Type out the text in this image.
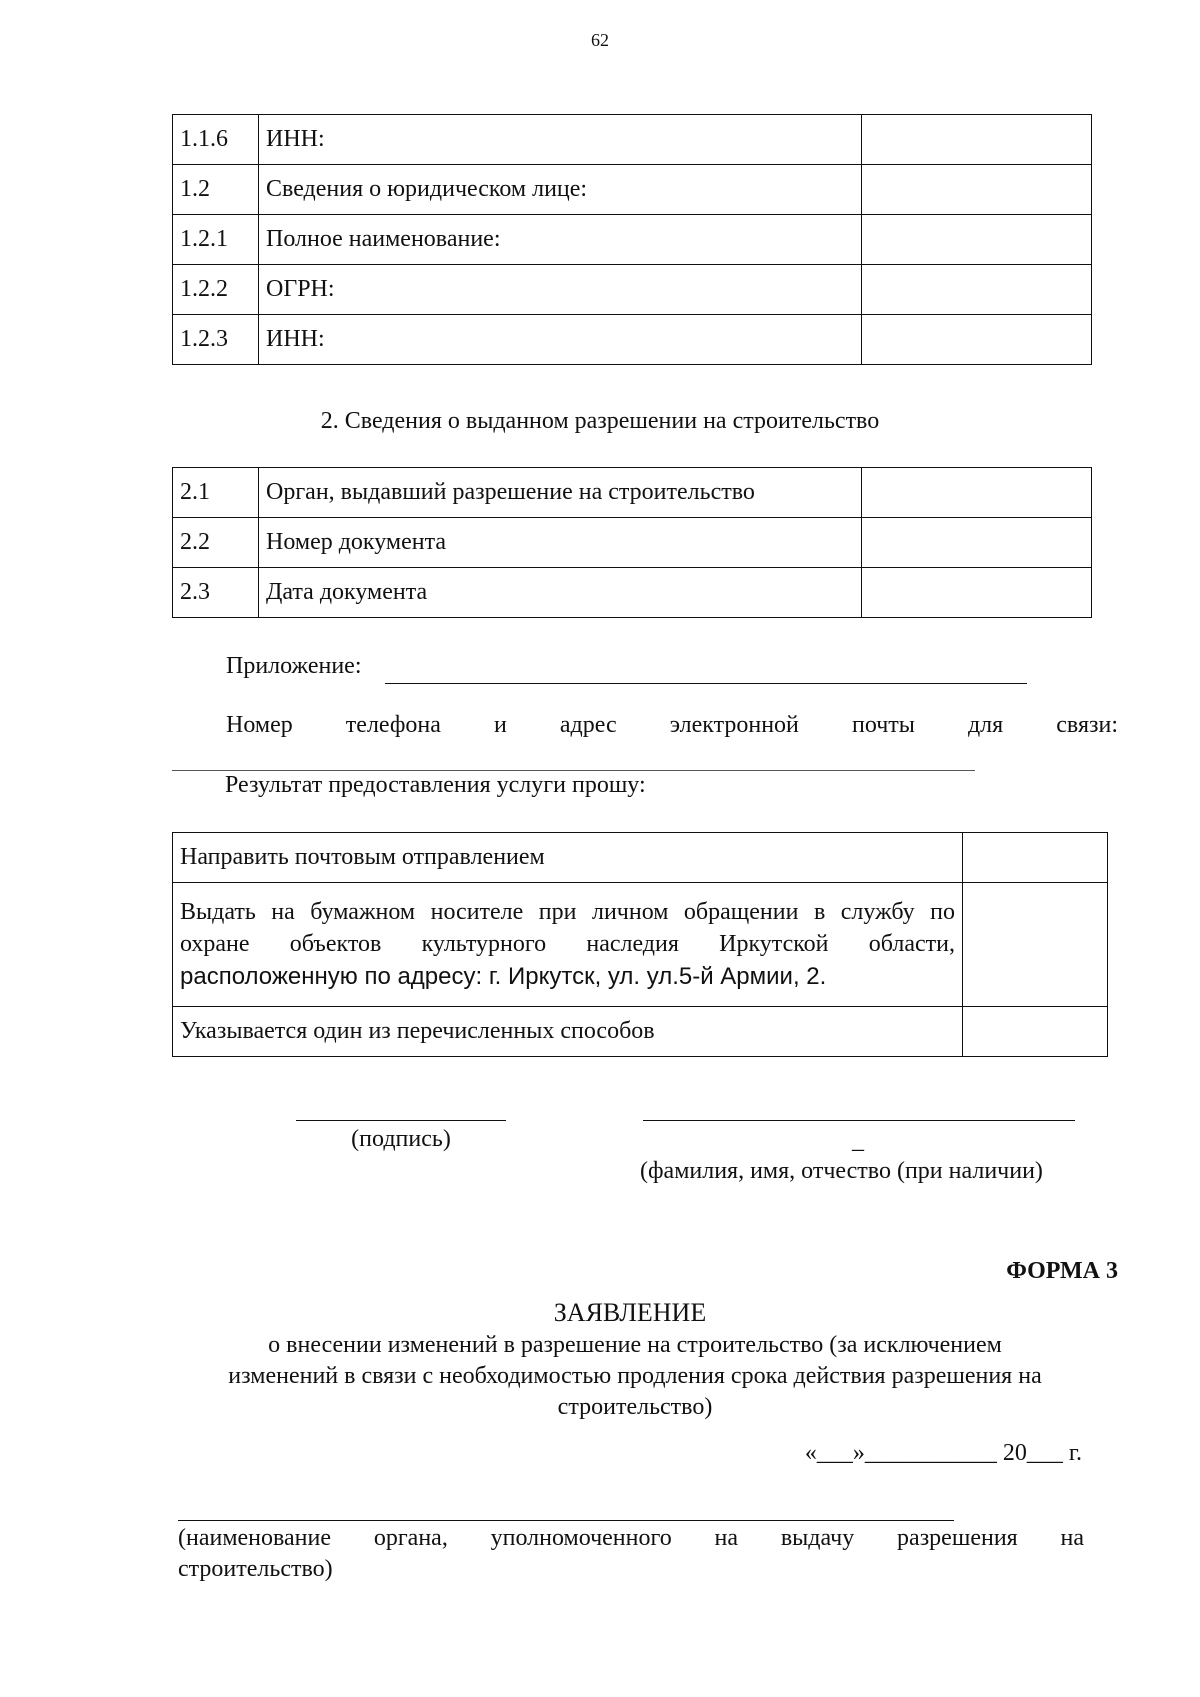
62
1.1.6	ИНН:	
1.2	Сведения о юридическом лице:	
1.2.1	Полное наименование:	
1.2.2	ОГРН:	
1.2.3	ИНН:	
2. Сведения о выданном разрешении на строительство
2.1	Орган, выдавший разрешение на строительство	
2.2	Номер документа	
2.3	Дата документа	
Приложение:
Номер телефона и адрес электронной почты для связи:
Результат предоставления услуги прошу:
Направить почтовым отправлением	

Выдать на бумажном носителе при личном обращении в службу по
охране объектов культурного наследия Иркутской области,
расположенную по адресу: г. Иркутск, ул. ул.5-й Армии, 2.	

Указывается один из перечисленных способов	
(подпись)	_
(фамилия, имя, отчество (при наличии)
ФОРМА 3
ЗАЯВЛЕНИЕ
о внесении изменений в разрешение на строительство (за исключением
изменений в связи с необходимостью продления срока действия разрешения на
строительство)
«___»___________ 20___ г.
(наименование органа, уполномоченного на выдачу разрешения на
строительство)
